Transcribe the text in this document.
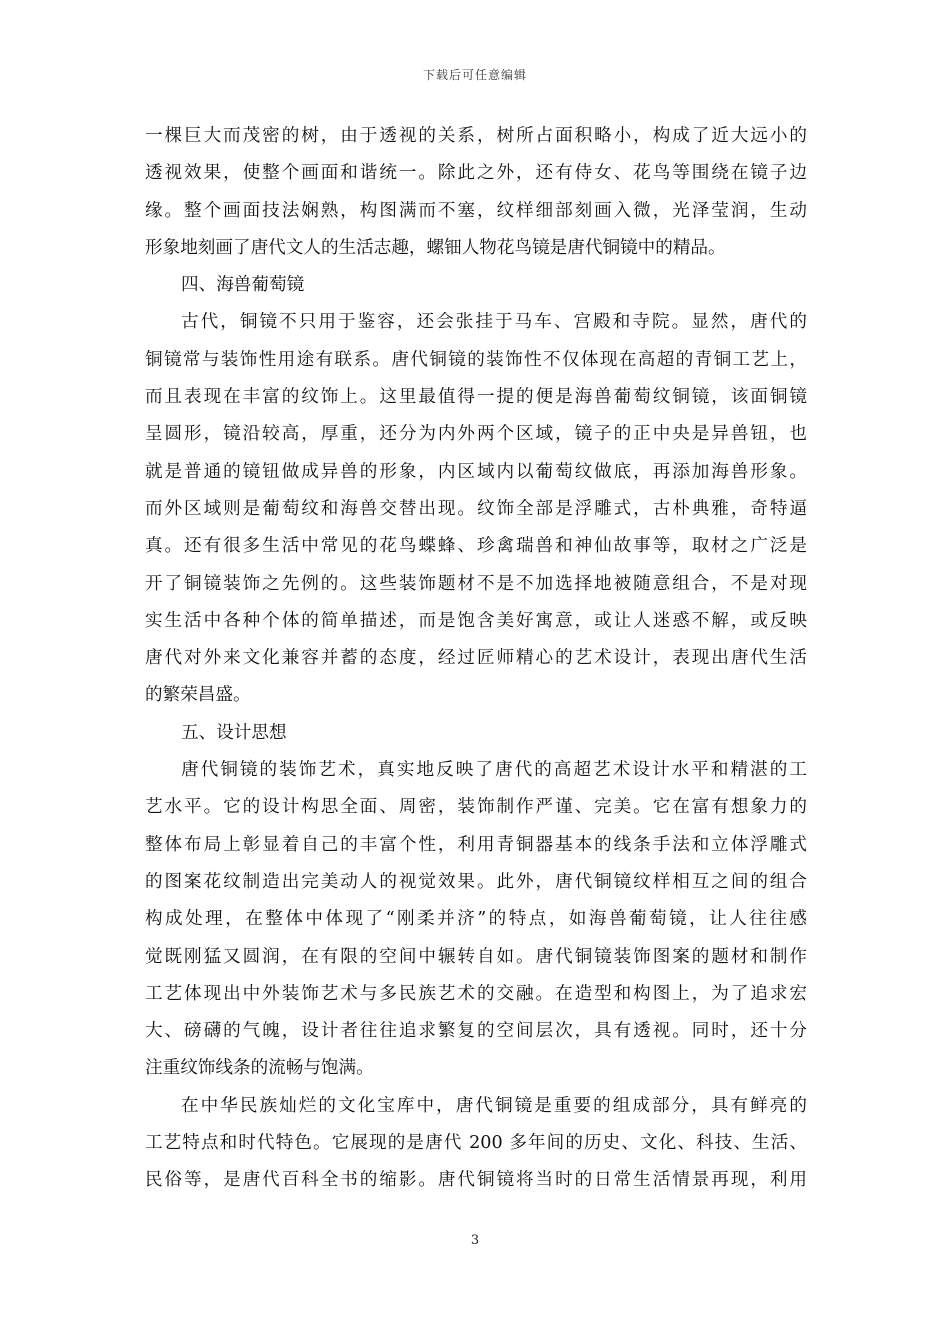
下载后可任意编辑
一棵巨大而茂密的树，由于透视的关系，树所占面积略小，构成了近大远小的
透视效果，使整个画面和谐统一。除此之外，还有侍女、花鸟等围绕在镜子边
缘。整个画面技法娴熟，构图满而不塞，纹样细部刻画入微，光泽莹润，生动
形象地刻画了唐代文人的生活志趣，螺钿人物花鸟镜是唐代铜镜中的精品。
四、海兽葡萄镜
古代，铜镜不只用于鉴容，还会张挂于马车、宫殿和寺院。显然，唐代的
铜镜常与装饰性用途有联系。唐代铜镜的装饰性不仅体现在高超的青铜工艺上，
而且表现在丰富的纹饰上。这里最值得一提的便是海兽葡萄纹铜镜，该面铜镜
呈圆形，镜沿较高，厚重，还分为内外两个区域，镜子的正中央是异兽钮，也
就是普通的镜钮做成异兽的形象，内区域内以葡萄纹做底，再添加海兽形象。
而外区域则是葡萄纹和海兽交替出现。纹饰全部是浮雕式，古朴典雅，奇特逼
真。还有很多生活中常见的花鸟蝶蜂、珍禽瑞兽和神仙故事等，取材之广泛是
开了铜镜装饰之先例的。这些装饰题材不是不加选择地被随意组合，不是对现
实生活中各种个体的简单描述，而是饱含美好寓意，或让人迷惑不解，或反映
唐代对外来文化兼容并蓄的态度，经过匠师精心的艺术设计，表现出唐代生活
的繁荣昌盛。
五、设计思想
唐代铜镜的装饰艺术，真实地反映了唐代的高超艺术设计水平和精湛的工
艺水平。它的设计构思全面、周密，装饰制作严谨、完美。它在富有想象力的
整体布局上彰显着自己的丰富个性，利用青铜器基本的线条手法和立体浮雕式
的图案花纹制造出完美动人的视觉效果。此外，唐代铜镜纹样相互之间的组合
构成处理，在整体中体现了“刚柔并济”的特点，如海兽葡萄镜，让人往往感
觉既刚猛又圆润，在有限的空间中辗转自如。唐代铜镜装饰图案的题材和制作
工艺体现出中外装饰艺术与多民族艺术的交融。在造型和构图上，为了追求宏
大、磅礴的气魄，设计者往往追求繁复的空间层次，具有透视。同时，还十分
注重纹饰线条的流畅与饱满。
在中华民族灿烂的文化宝库中，唐代铜镜是重要的组成部分，具有鲜亮的
工艺特点和时代特色。它展现的是唐代 200 多年间的历史、文化、科技、生活、
民俗等，是唐代百科全书的缩影。唐代铜镜将当时的日常生活情景再现，利用
3
